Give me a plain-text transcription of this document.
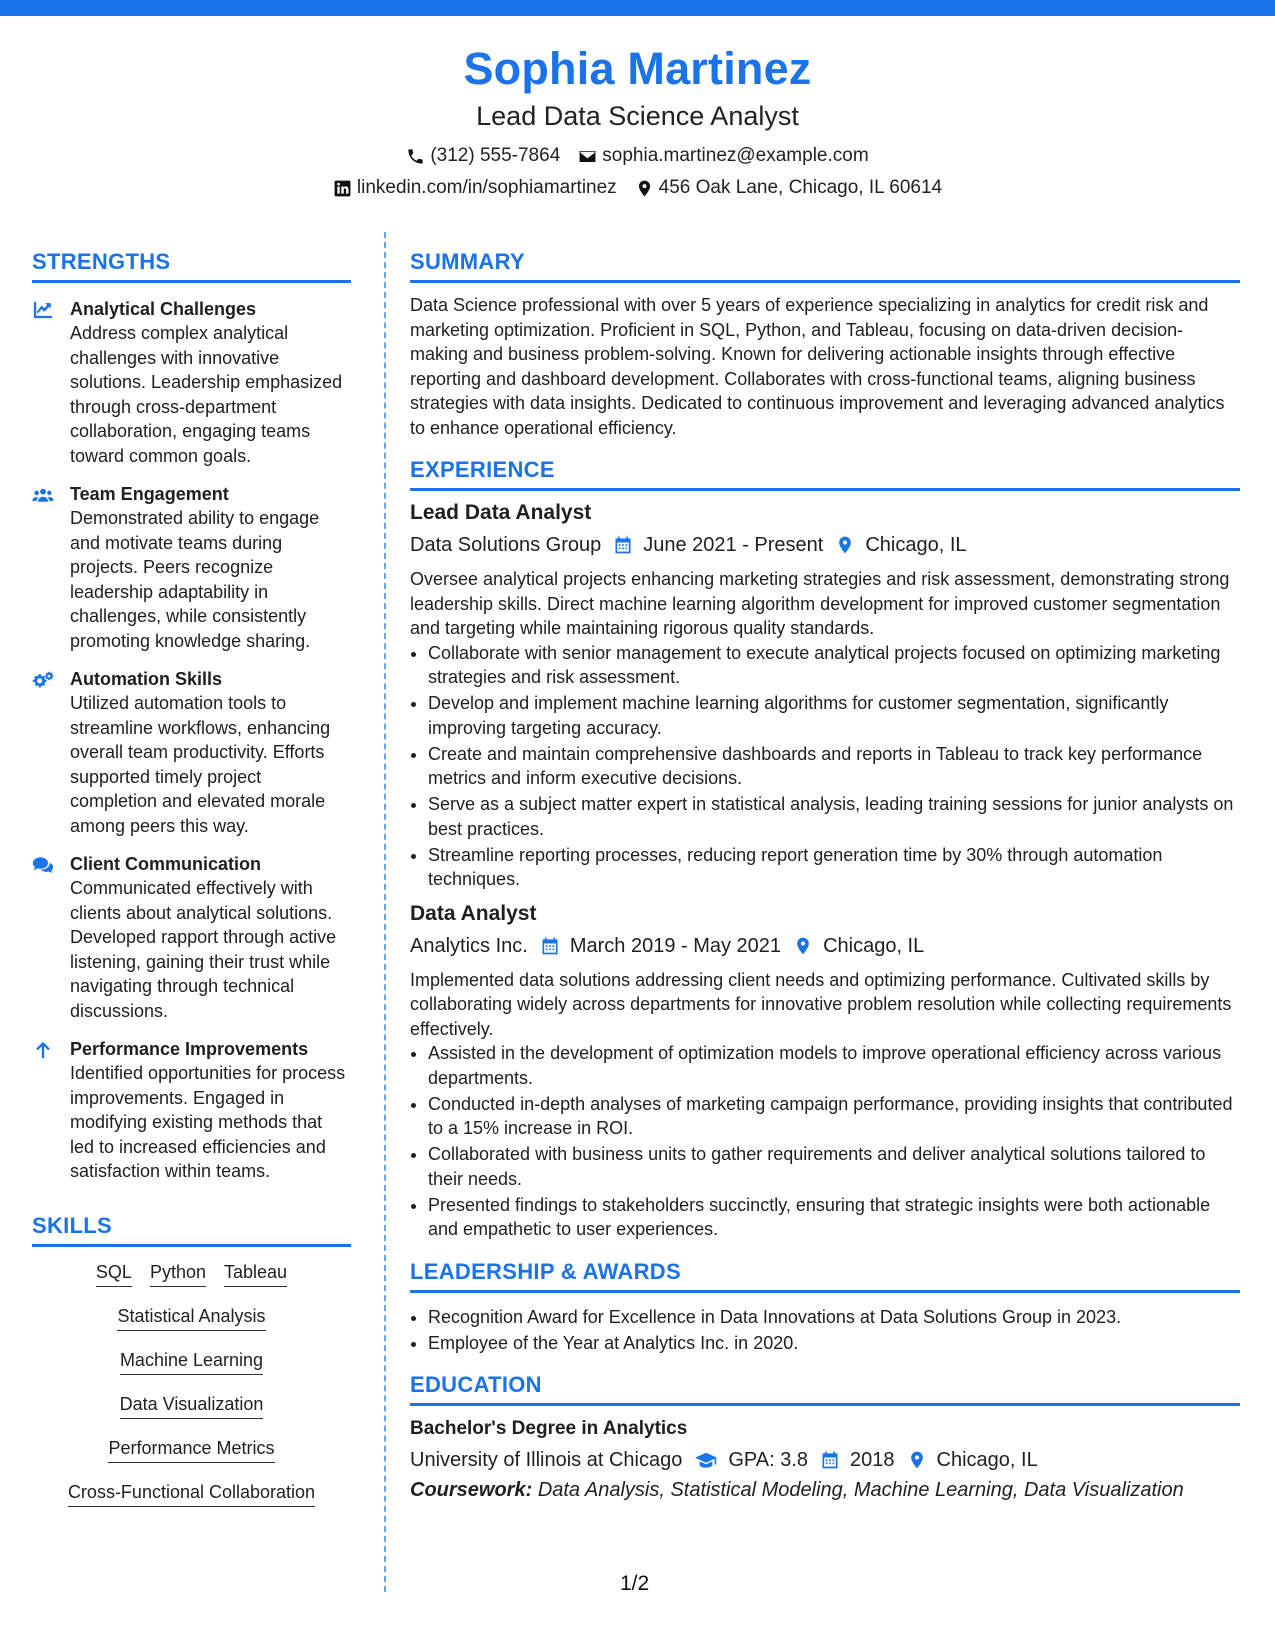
Sophia Martinez
Lead Data Science Analyst
(312) 555-7864 sophia.martinez@example.com
linkedin.com/in/sophiamartinez 456 Oak Lane, Chicago, IL 60614
STRENGTHS
Analytical Challenges
Address complex analytical challenges with innovative solutions. Leadership emphasized through cross-department collaboration, engaging teams toward common goals.
Team Engagement
Demonstrated ability to engage and motivate teams during projects. Peers recognize leadership adaptability in challenges, while consistently promoting knowledge sharing.
Automation Skills
Utilized automation tools to streamline workflows, enhancing overall team productivity. Efforts supported timely project completion and elevated morale among peers this way.
Client Communication
Communicated effectively with clients about analytical solutions. Developed rapport through active listening, gaining their trust while navigating through technical discussions.
Performance Improvements
Identified opportunities for process improvements. Engaged in modifying existing methods that led to increased efficiencies and satisfaction within teams.
SKILLS
SQL Python Tableau
Statistical Analysis
Machine Learning
Data Visualization
Performance Metrics
Cross-Functional Collaboration
SUMMARY
Data Science professional with over 5 years of experience specializing in analytics for credit risk and marketing optimization. Proficient in SQL, Python, and Tableau, focusing on data-driven decision-making and business problem-solving. Known for delivering actionable insights through effective reporting and dashboard development. Collaborates with cross-functional teams, aligning business strategies with data insights. Dedicated to continuous improvement and leveraging advanced analytics to enhance operational efficiency.
EXPERIENCE
Lead Data Analyst
Data Solutions Group June 2021 - Present Chicago, IL
Oversee analytical projects enhancing marketing strategies and risk assessment, demonstrating strong leadership skills. Direct machine learning algorithm development for improved customer segmentation and targeting while maintaining rigorous quality standards.
• Collaborate with senior management to execute analytical projects focused on optimizing marketing strategies and risk assessment.
• Develop and implement machine learning algorithms for customer segmentation, significantly improving targeting accuracy.
• Create and maintain comprehensive dashboards and reports in Tableau to track key performance metrics and inform executive decisions.
• Serve as a subject matter expert in statistical analysis, leading training sessions for junior analysts on best practices.
• Streamline reporting processes, reducing report generation time by 30% through automation techniques.
Data Analyst
Analytics Inc. March 2019 - May 2021 Chicago, IL
Implemented data solutions addressing client needs and optimizing performance. Cultivated skills by collaborating widely across departments for innovative problem resolution while collecting requirements effectively.
• Assisted in the development of optimization models to improve operational efficiency across various departments.
• Conducted in-depth analyses of marketing campaign performance, providing insights that contributed to a 15% increase in ROI.
• Collaborated with business units to gather requirements and deliver analytical solutions tailored to their needs.
• Presented findings to stakeholders succinctly, ensuring that strategic insights were both actionable and empathetic to user experiences.
LEADERSHIP & AWARDS
• Recognition Award for Excellence in Data Innovations at Data Solutions Group in 2023.
• Employee of the Year at Analytics Inc. in 2020.
EDUCATION
Bachelor's Degree in Analytics
University of Illinois at Chicago GPA: 3.8 2018 Chicago, IL
Coursework: Data Analysis, Statistical Modeling, Machine Learning, Data Visualization
1/2
